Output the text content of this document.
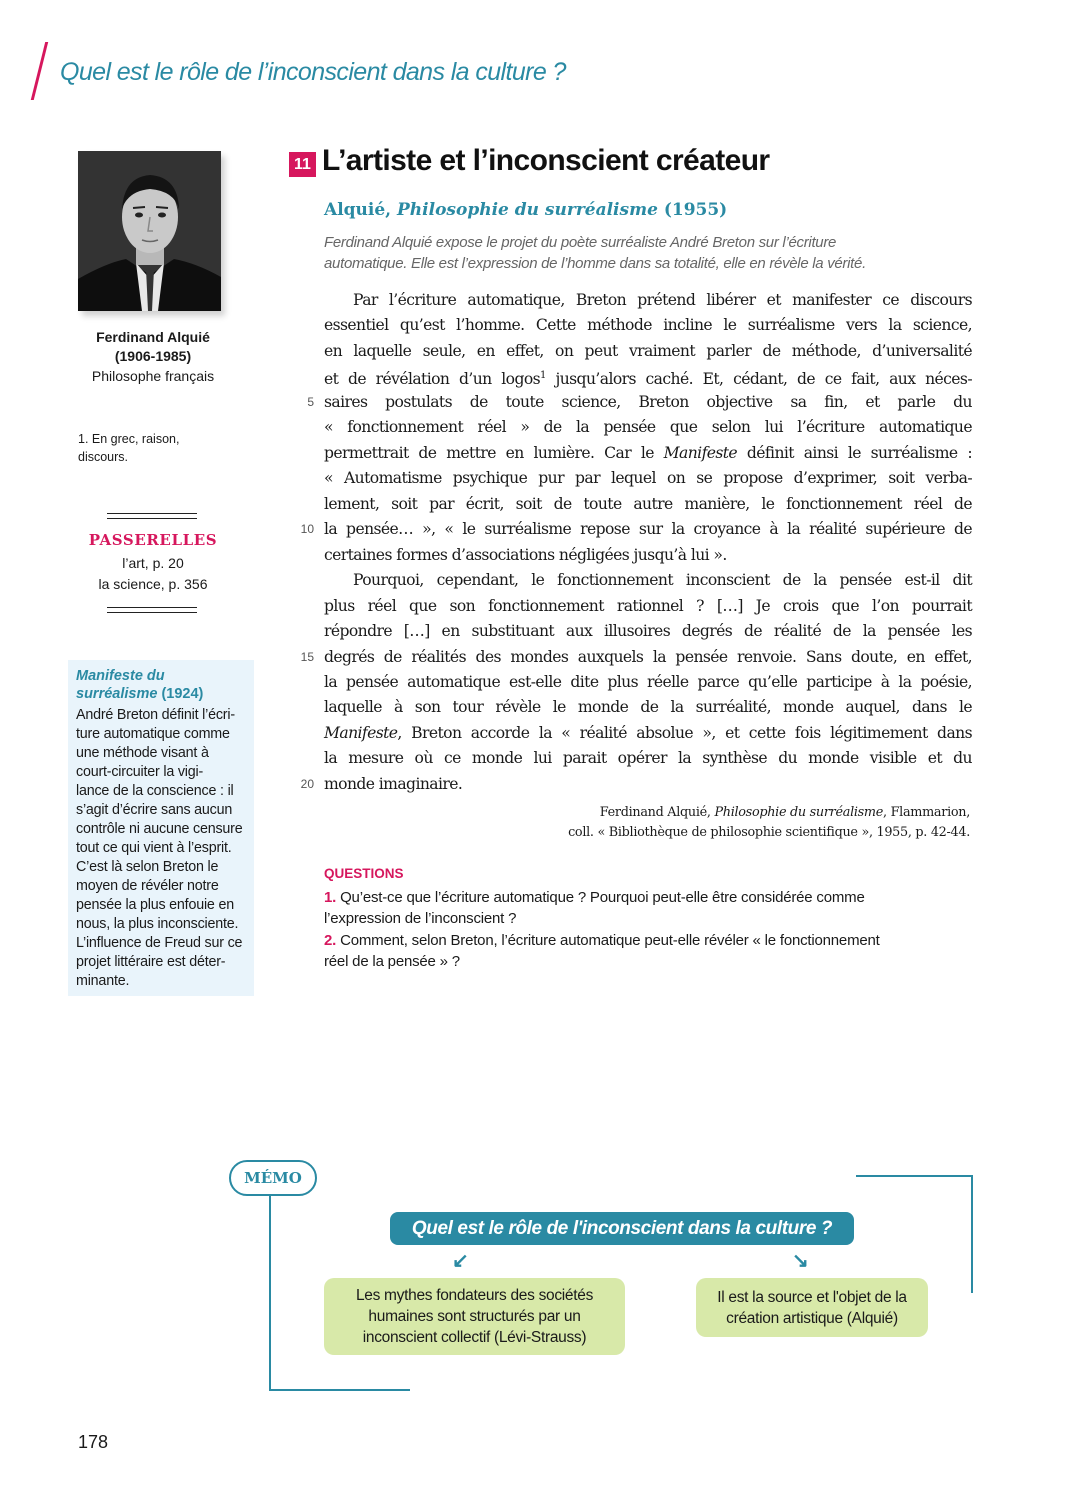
Quel est le rôle de l’inconscient dans la culture ?
Ferdinand Alquié
(1906-1985)
Philosophe français
1. En grec, raison,
discours.
PASSERELLES
l’art, p. 20
la science, p. 356
Manifeste du
surréalisme (1924)
André Breton définit l’écri-
ture automatique comme
une méthode visant à
court-circuiter la vigi-
lance de la conscience : il
s’agit d’écrire sans aucun
contrôle ni aucune censure
tout ce qui vient à l’esprit.
C’est là selon Breton le
moyen de révéler notre
pensée la plus enfouie en
nous, la plus inconsciente.
L’influence de Freud sur ce
projet littéraire est déter-
minante.
11 L’artiste et l’inconscient créateur
Alquié, Philosophie du surréalisme (1955)
Ferdinand Alquié expose le projet du poète surréaliste André Breton sur l’écriture
automatique. Elle est l’expression de l’homme dans sa totalité, elle en révèle la vérité.
Par l’écriture automatique, Breton prétend libérer et manifester ce discours
essentiel qu’est l’homme. Cette méthode incline le surréalisme vers la science,
en laquelle seule, en effet, on peut vraiment parler de méthode, d’universalité
et de révélation d’un logos$^1$ jusqu’alors caché. Et, cédant, de ce fait, aux néces-
saires postulats de toute science, Breton objective sa fin, et parle du
« fonctionnement réel » de la pensée que selon lui l’écriture automatique
permettrait de mettre en lumière. Car le Manifeste définit ainsi le surréalisme :
« Automatisme psychique pur par lequel on se propose d’exprimer, soit verba-
lement, soit par écrit, soit de toute autre manière, le fonctionnement réel de
la pensée… », « le surréalisme repose sur la croyance à la réalité supérieure de
certaines formes d’associations négligées jusqu’à lui ».
Pourquoi, cependant, le fonctionnement inconscient de la pensée est-il dit
plus réel que son fonctionnement rationnel ? […] Je crois que l’on pourrait
répondre […] en substituant aux illusoires degrés de réalité de la pensée les
degrés de réalités des mondes auxquels la pensée renvoie. Sans doute, en effet,
la pensée automatique est-elle dite plus réelle parce qu’elle participe à la poésie,
laquelle à son tour révèle le monde de la surréalité, monde auquel, dans le
Manifeste, Breton accorde la « réalité absolue », et cette fois légitimement dans
la mesure où ce monde lui parait opérer la synthèse du monde visible et du
monde imaginaire.
5
10
15
20
Ferdinand Alquié, Philosophie du surréalisme, Flammarion,
coll. « Bibliothèque de philosophie scientifique », 1955, p. 42-44.
QUESTIONS
1. Qu’est-ce que l’écriture automatique ? Pourquoi peut-elle être considérée comme
l’expression de l’inconscient ?
2. Comment, selon Breton, l’écriture automatique peut-elle révéler « le fonctionnement
réel de la pensée » ?
MÉMO
Quel est le rôle de l'inconscient dans la culture ?
↙	↘
Les mythes fondateurs des sociétés
humaines sont structurés par un
inconscient collectif (Lévi-Strauss)
Il est la source et l'objet de la
création artistique (Alquié)
178
